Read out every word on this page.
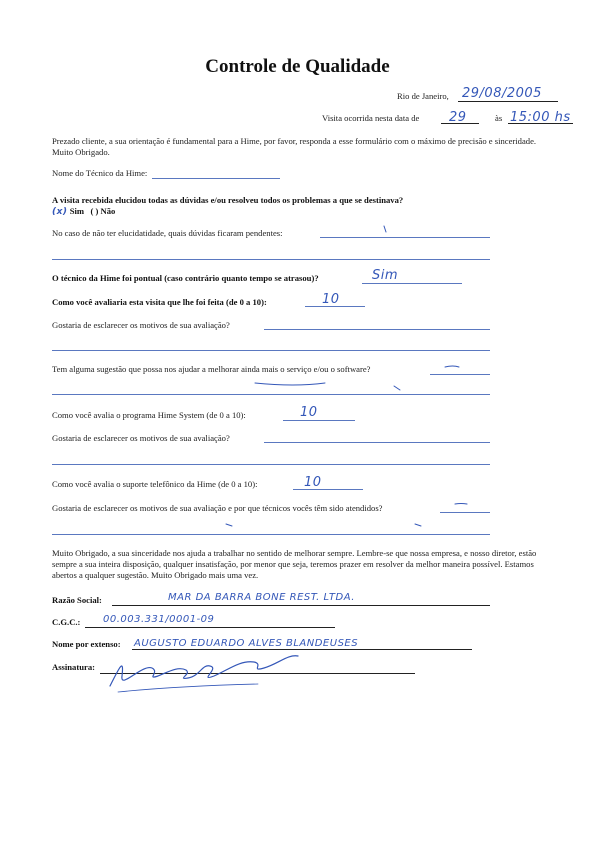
Controle de Qualidade
Rio de Janeiro, 29/08/2005
Visita ocorrida nesta data de 29	às 15:00 hs
Prezado cliente, a sua orientação é fundamental para a Hime, por favor, responda a esse formulário com o máximo de precisão e sinceridade. Muito Obrigado.
Nome do Técnico da Hime:
A visita recebida elucidou todas as dúvidas e/ou resolveu todos os problemas a que se destinava?
(x) Sim ( ) Não
No caso de não ter elucidatidade, quais dúvidas ficaram pendentes:
O técnico da Hime foi pontual (caso contrário quanto tempo se atrasou)?	Sim
Como você avaliaria esta visita que lhe foi feita (de 0 a 10):	10
Gostaria de esclarecer os motivos de sua avaliação?
Tem alguma sugestão que possa nos ajudar a melhorar ainda mais o serviço e/ou o software?
Como você avalia o programa Hime System (de 0 a 10):	10
Gostaria de esclarecer os motivos de sua avaliação?
Como você avalia o suporte telefônico da Hime (de 0 a 10):	10
Gostaria de esclarecer os motivos de sua avaliação e por que técnicos vocês têm sido atendidos?
Muito Obrigado, a sua sinceridade nos ajuda a trabalhar no sentido de melhorar sempre. Lembre-se que nossa empresa, e nosso diretor, estão sempre a sua inteira disposição, qualquer insatisfação, por menor que seja, teremos prazer em resolver da melhor maneira possível. Estamos abertos a qualquer sugestão. Muito Obrigado mais uma vez.
Razão Social:	MAR DA BARRA BONE REST. LTDA.
C.G.C.: 00.003.331/0001-09
Nome por extenso: AUGUSTO EDUARDO ALVES BLANDEUSES
Assinatura:
